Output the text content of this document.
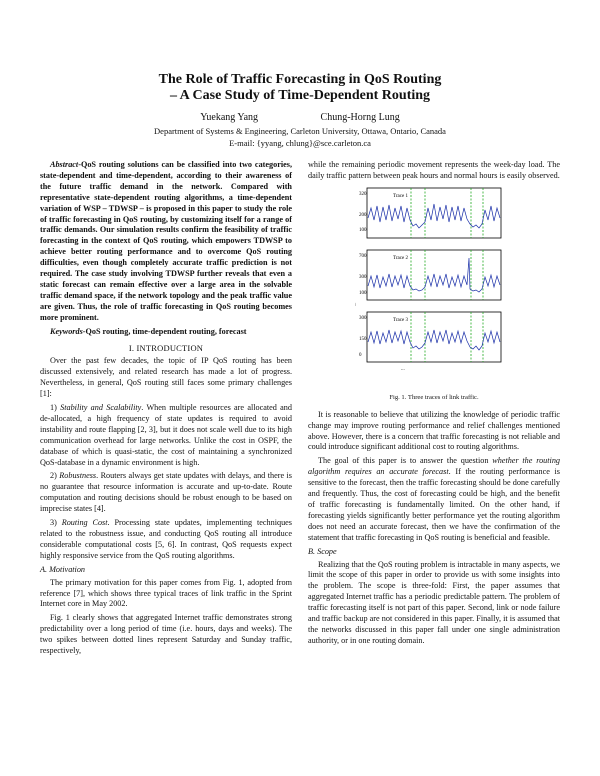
The Role of Traffic Forecasting in QoS Routing
– A Case Study of Time-Dependent Routing
Yuekang Yang	Chung-Horng Lung
Department of Systems & Engineering, Carleton University, Ottawa, Ontario, Canada
E-mail: {yyang, chlung}@sce.carleton.ca

Abstract-QoS routing solutions can be classified into two categories, state-dependent and time-dependent, according to their awareness of the future traffic demand in the network. Compared with representative state-dependent routing algorithms, a time-dependent variation of WSP – TDWSP – is proposed in this paper to study the role of traffic forecasting in QoS routing, by customizing itself for a range of traffic demands. Our simulation results confirm the feasibility of traffic forecasting in the context of QoS routing, which empowers TDWSP to achieve better routing performance and to overcome QoS routing difficulties, even though completely accurate traffic prediction is not required. The case study involving TDWSP further reveals that even a static forecast can remain effective over a large area in the solvable traffic demand space, if the network topology and the peak traffic value are given. Thus, the role of traffic forecasting in QoS routing becomes more prominent.

Keywords-QoS routing, time-dependent routing, forecast

I. INTRODUCTION

Over the past few decades, the topic of IP QoS routing has been discussed extensively, and related research has made a lot of progress. Nevertheless, in general, QoS routing still faces some primary challenges [1]:

1) Stability and Scalability. When multiple resources are allocated and de-allocated, a high frequency of state updates is required to avoid instability and route flapping [2, 3], but it does not scale well due to its high communication overhead for large networks. Unlike the cost in OSPF, the database of which is quasi-static, the cost of maintaining a synchronized QoS-database in a dynamic environment is high.

2) Robustness. Routers always get state updates with delays, and there is no guarantee that resource information is accurate and up-to-date. Route computation and routing decisions should be robust enough to be based on imprecise states [4].

3) Routing Cost. Processing state updates, implementing techniques related to the robustness issue, and conducting QoS routing all introduce considerable computational costs [5, 6]. In contrast, QoS requests expect highly responsive service from the QoS routing algorithms.

A. Motivation

The primary motivation for this paper comes from Fig. 1, adopted from reference [7], which shows three typical traces of link traffic in the Sprint Internet core in May 2002.

Fig. 1 clearly shows that aggregated Internet traffic demonstrates strong predictability over a long period of time (i.e. hours, days and weeks). The two spikes between dotted lines represent Saturday and Sunday traffic, respectively,

while the remaining periodic movement represents the week-day load. The daily traffic pattern between peak hours and normal hours is easily observed.

320
200
100
Trace 1
700
300
100
Trace 2
300
150
0
Trace 3
...
...
Fig. 1. Three traces of link traffic.

It is reasonable to believe that utilizing the knowledge of periodic traffic change may improve routing performance and relief challenges mentioned above. However, there is a concern that traffic forecasting is not reliable and could introduce significant additional cost to routing algorithms.

The goal of this paper is to answer the question whether the routing algorithm requires an accurate forecast. If the routing performance is sensitive to the forecast, then the traffic forecasting should be done carefully and frequently. Thus, the cost of forecasting could be high, and the benefit of traffic forecasting is fundamentally limited. On the other hand, if forecasting yields significantly better performance yet the routing algorithm does not need an accurate forecast, then we have the confirmation of the statement that traffic forecasting in QoS routing is beneficial and feasible.

B. Scope

Realizing that the QoS routing problem is intractable in many aspects, we limit the scope of this paper in order to provide us with some insights into the problem. The scope is three-fold: First, the paper assumes that aggregated Internet traffic has a periodic predictable pattern. The problem of traffic forecasting itself is not part of this paper. Second, link or node failure and traffic backup are not considered in this paper. Finally, it is assumed that the networks discussed in this paper fall under one single administration authority, or in one routing domain.
